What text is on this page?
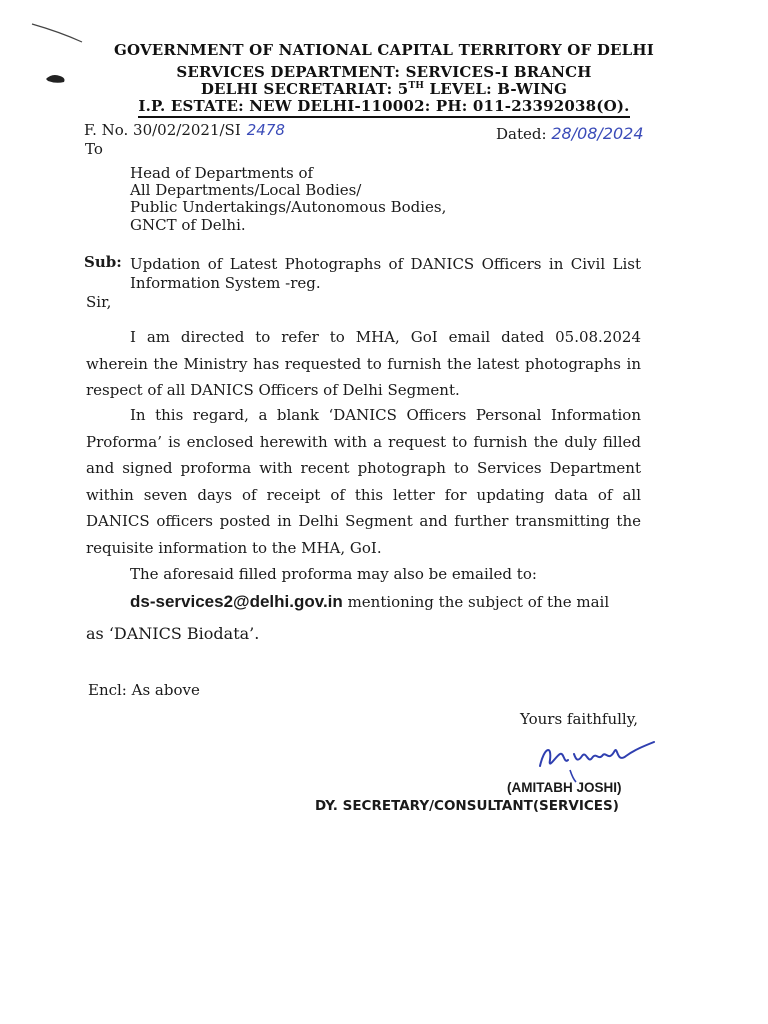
GOVERNMENT OF NATIONAL CAPITAL TERRITORY OF DELHI
SERVICES DEPARTMENT: SERVICES-I BRANCH
DELHI SECRETARIAT: 5TH LEVEL: B-WING
I.P. ESTATE: NEW DELHI-110002: PH: 011-23392038(O).
F. No. 30/02/2021/SI 2478	Dated: 28/08/2024
To
Head of Departments of
All Departments/Local Bodies/
Public Undertakings/Autonomous Bodies,
GNCT of Delhi.
Sub: Updation of Latest Photographs of DANICS Officers in Civil List
Information System -reg.
Sir,
I am directed to refer to MHA, GoI email dated 05.08.2024 wherein the Ministry has requested to furnish the latest photographs in respect of all DANICS Officers of Delhi Segment.
In this regard, a blank ‘DANICS Officers Personal Information Proforma’ is enclosed herewith with a request to furnish the duly filled and signed proforma with recent photograph to Services Department within seven days of receipt of this letter for updating data of all DANICS officers posted in Delhi Segment and further transmitting the requisite information to the MHA, GoI.
The aforesaid filled proforma may also be emailed to:
ds-services2@delhi.gov.in mentioning the subject of the mail
as ‘DANICS Biodata’.
Encl: As above
Yours faithfully,
(AMITABH JOSHI)
DY. SECRETARY/CONSULTANT(SERVICES)
